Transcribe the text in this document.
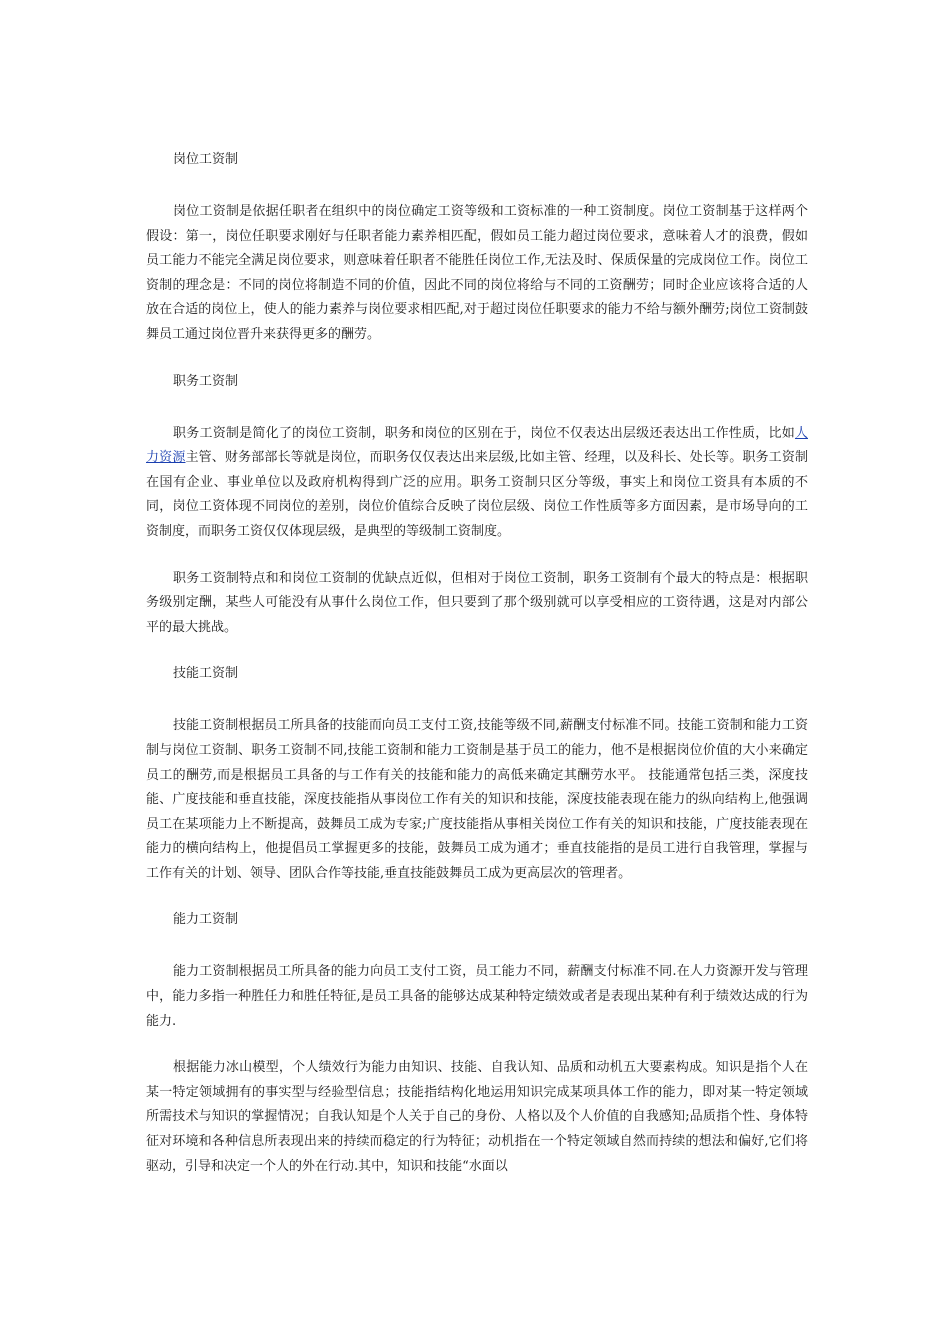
岗位工资制

岗位工资制是依据任职者在组织中的岗位确定工资等级和工资标准的一种工资制度。岗位工资制基于这样两个假设：第一，岗位任职要求刚好与任职者能力素养相匹配，假如员工能力超过岗位要求，意味着人才的浪费，假如员工能力不能完全满足岗位要求，则意味着任职者不能胜任岗位工作,无法及时、保质保量的完成岗位工作。岗位工资制的理念是：不同的岗位将制造不同的价值，因此不同的岗位将给与不同的工资酬劳；同时企业应该将合适的人放在合适的岗位上，使人的能力素养与岗位要求相匹配,对于超过岗位任职要求的能力不给与额外酬劳;岗位工资制鼓舞员工通过岗位晋升来获得更多的酬劳。

职务工资制

职务工资制是简化了的岗位工资制，职务和岗位的区别在于，岗位不仅表达出层级还表达出工作性质，比如人力资源主管、财务部部长等就是岗位，而职务仅仅表达出来层级,比如主管、经理，以及科长、处长等。职务工资制在国有企业、事业单位以及政府机构得到广泛的应用。职务工资制只区分等级，事实上和岗位工资具有本质的不同，岗位工资体现不同岗位的差别，岗位价值综合反映了岗位层级、岗位工作性质等多方面因素，是市场导向的工资制度，而职务工资仅仅体现层级，是典型的等级制工资制度。

职务工资制特点和和岗位工资制的优缺点近似，但相对于岗位工资制，职务工资制有个最大的特点是：根据职务级别定酬，某些人可能没有从事什么岗位工作，但只要到了那个级别就可以享受相应的工资待遇，这是对内部公平的最大挑战。

技能工资制

技能工资制根据员工所具备的技能而向员工支付工资,技能等级不同,薪酬支付标准不同。技能工资制和能力工资制与岗位工资制、职务工资制不同,技能工资制和能力工资制是基于员工的能力，他不是根据岗位价值的大小来确定员工的酬劳,而是根据员工具备的与工作有关的技能和能力的高低来确定其酬劳水平。 技能通常包括三类，深度技能、广度技能和垂直技能，深度技能指从事岗位工作有关的知识和技能，深度技能表现在能力的纵向结构上,他强调员工在某项能力上不断提高，鼓舞员工成为专家;广度技能指从事相关岗位工作有关的知识和技能，广度技能表现在能力的横向结构上，他提倡员工掌握更多的技能，鼓舞员工成为通才；垂直技能指的是员工进行自我管理，掌握与工作有关的计划、领导、团队合作等技能,垂直技能鼓舞员工成为更高层次的管理者。

能力工资制

能力工资制根据员工所具备的能力向员工支付工资，员工能力不同，薪酬支付标准不同.在人力资源开发与管理中，能力多指一种胜任力和胜任特征,是员工具备的能够达成某种特定绩效或者是表现出某种有利于绩效达成的行为能力.

根据能力冰山模型，个人绩效行为能力由知识、技能、自我认知、品质和动机五大要素构成。知识是指个人在某一特定领域拥有的事实型与经验型信息；技能指结构化地运用知识完成某项具体工作的能力，即对某一特定领域所需技术与知识的掌握情况；自我认知是个人关于自己的身份、人格以及个人价值的自我感知;品质指个性、身体特征对环境和各种信息所表现出来的持续而稳定的行为特征；动机指在一个特定领域自然而持续的想法和偏好,它们将驱动，引导和决定一个人的外在行动.其中，知识和技能“水面以
